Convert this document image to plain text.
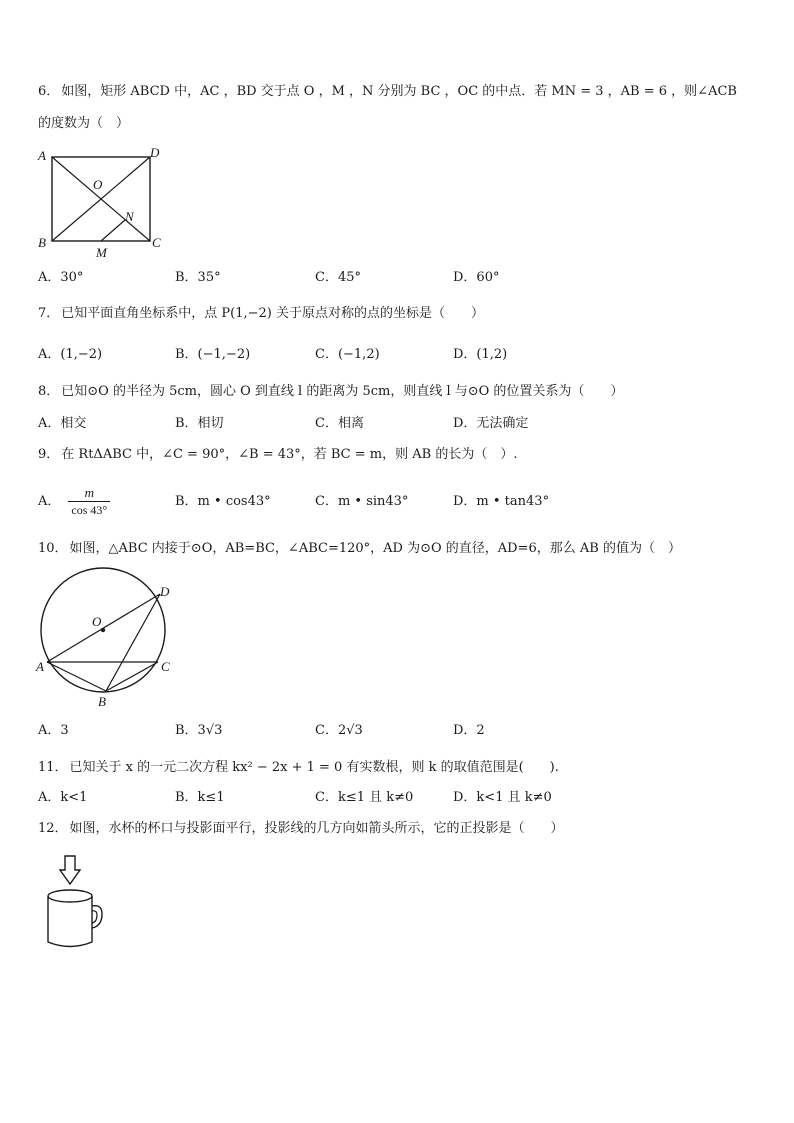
6． 如图，矩形 ABCD 中，AC ，BD 交于点 O ，M ，N 分别为 BC ，OC 的中点．若 MN = 3 ，AB = 6 ，则∠ACB
的度数为（　）
A	D
B	C
O
N
M
A．30°	B．35°	C．45°	D．60°
7． 已知平面直角坐标系中，点 P(1,−2) 关于原点对称的点的坐标是（　　）
A．(1,−2)	B．(−1,−2)	C．(−1,2)	D．(1,2)
8． 已知⊙O 的半径为 5cm，圆心 O 到直线 l 的距离为 5cm，则直线 l 与⊙O 的位置关系为（　　）
A．相交	B．相切	C．相离	D．无法确定
9． 在 RtΔABC 中，∠C = 90°，∠B = 43°，若 BC = m，则 AB 的长为（　）.
A． $\frac{m}{\cos 43^\circ}$	B．m • cos43°	C．m • sin43°	D．m • tan43°
10． 如图，△ABC 内接于⊙O，AB=BC，∠ABC=120°，AD 为⊙O 的直径，AD=6，那么 AB 的值为（　）
O
D
A	C
B
A．3	B．3√3	C．2√3	D．2
11． 已知关于 x 的一元二次方程 kx² − 2x + 1 = 0 有实数根，则 k 的取值范围是(　　).
A．k<1	B．k≤1	C．k≤1 且 k≠0	D．k<1 且 k≠0
12． 如图，水杯的杯口与投影面平行，投影线的几方向如箭头所示，它的正投影是（　　）
